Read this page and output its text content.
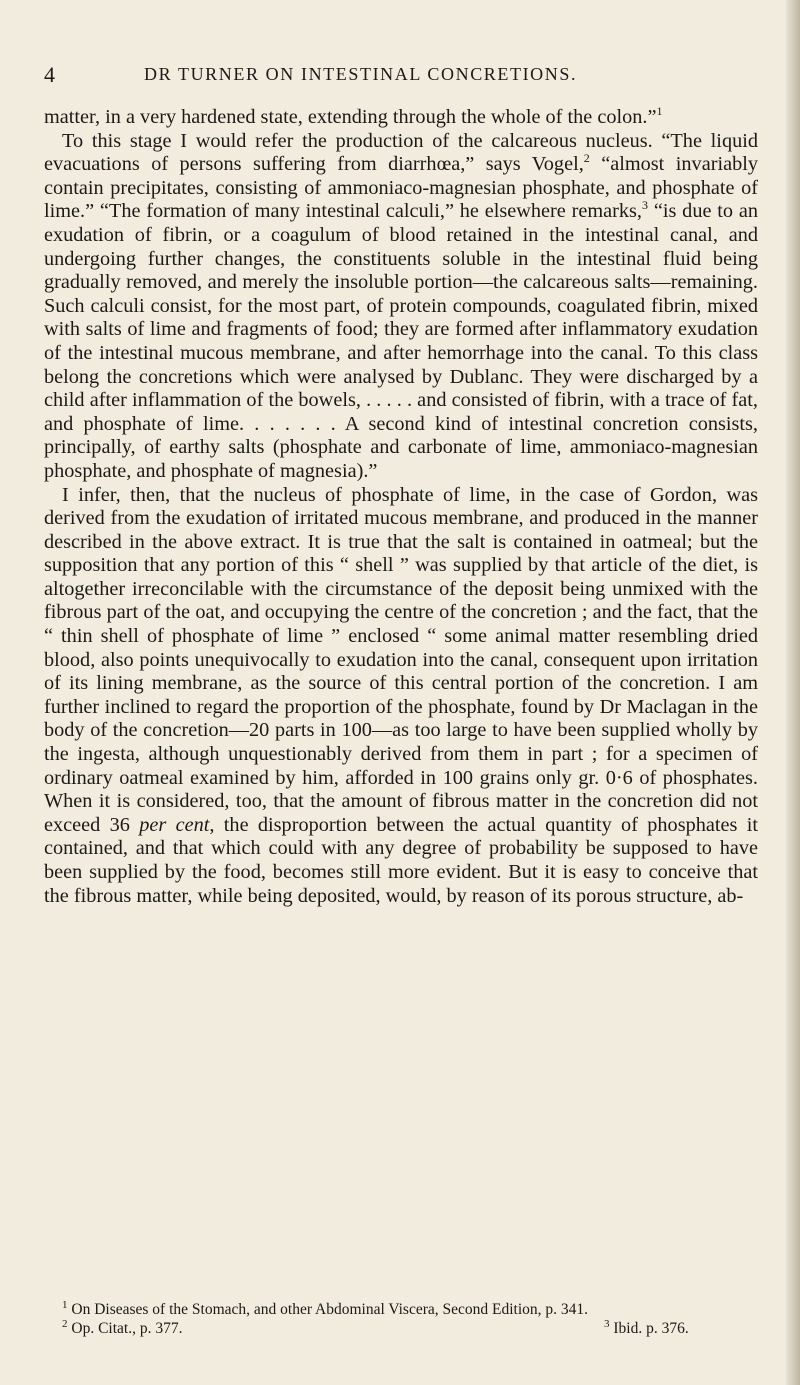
4	DR TURNER ON INTESTINAL CONCRETIONS.

matter, in a very hardened state, extending through the whole of the colon.”$^1$

To this stage I would refer the production of the calcareous nucleus. “The liquid evacuations of persons suffering from diarrhœa,” says Vogel,$^2$ “almost invariably contain precipitates, consisting of ammoniaco-magnesian phosphate, and phosphate of lime.” “The formation of many intestinal calculi,” he elsewhere remarks,$^3$ “is due to an exudation of fibrin, or a coagulum of blood retained in the intestinal canal, and undergoing further changes, the constituents soluble in the intestinal fluid being gradually removed, and merely the insoluble portion—the calcareous salts—remaining. Such calculi consist, for the most part, of protein compounds, coagulated fibrin, mixed with salts of lime and fragments of food; they are formed after inflammatory exudation of the intestinal mucous membrane, and after hemorrhage into the canal. To this class belong the concretions which were analysed by Dublanc. They were discharged by a child after inflammation of the bowels, . . . . . and consisted of fibrin, with a trace of fat, and phosphate of lime. . . . . . . A second kind of intestinal concretion consists, principally, of earthy salts (phosphate and carbonate of lime, ammoniaco-magnesian phosphate, and phosphate of magnesia).”

I infer, then, that the nucleus of phosphate of lime, in the case of Gordon, was derived from the exudation of irritated mucous membrane, and produced in the manner described in the above extract. It is true that the salt is contained in oatmeal; but the supposition that any portion of this “ shell ” was supplied by that article of the diet, is altogether irreconcilable with the circumstance of the deposit being unmixed with the fibrous part of the oat, and occupying the centre of the concretion ; and the fact, that the “ thin shell of phosphate of lime ” enclosed “ some animal matter resembling dried blood, also points unequivocally to exudation into the canal, consequent upon irritation of its lining membrane, as the source of this central portion of the concretion. I am further inclined to regard the proportion of the phosphate, found by Dr Maclagan in the body of the concretion—20 parts in 100—as too large to have been supplied wholly by the ingesta, although unquestionably derived from them in part ; for a specimen of ordinary oatmeal examined by him, afforded in 100 grains only gr. 0·6 of phosphates. When it is considered, too, that the amount of fibrous matter in the concretion did not exceed 36 per cent, the disproportion between the actual quantity of phosphates it contained, and that which could with any degree of probability be supposed to have been supplied by the food, becomes still more evident. But it is easy to conceive that the fibrous matter, while being deposited, would, by reason of its porous structure, ab-

$^1$ On Diseases of the Stomach, and other Abdominal Viscera, Second Edition, p. 341.

$^2$ Op. Citat., p. 377.	$^3$ Ibid. p. 376.
